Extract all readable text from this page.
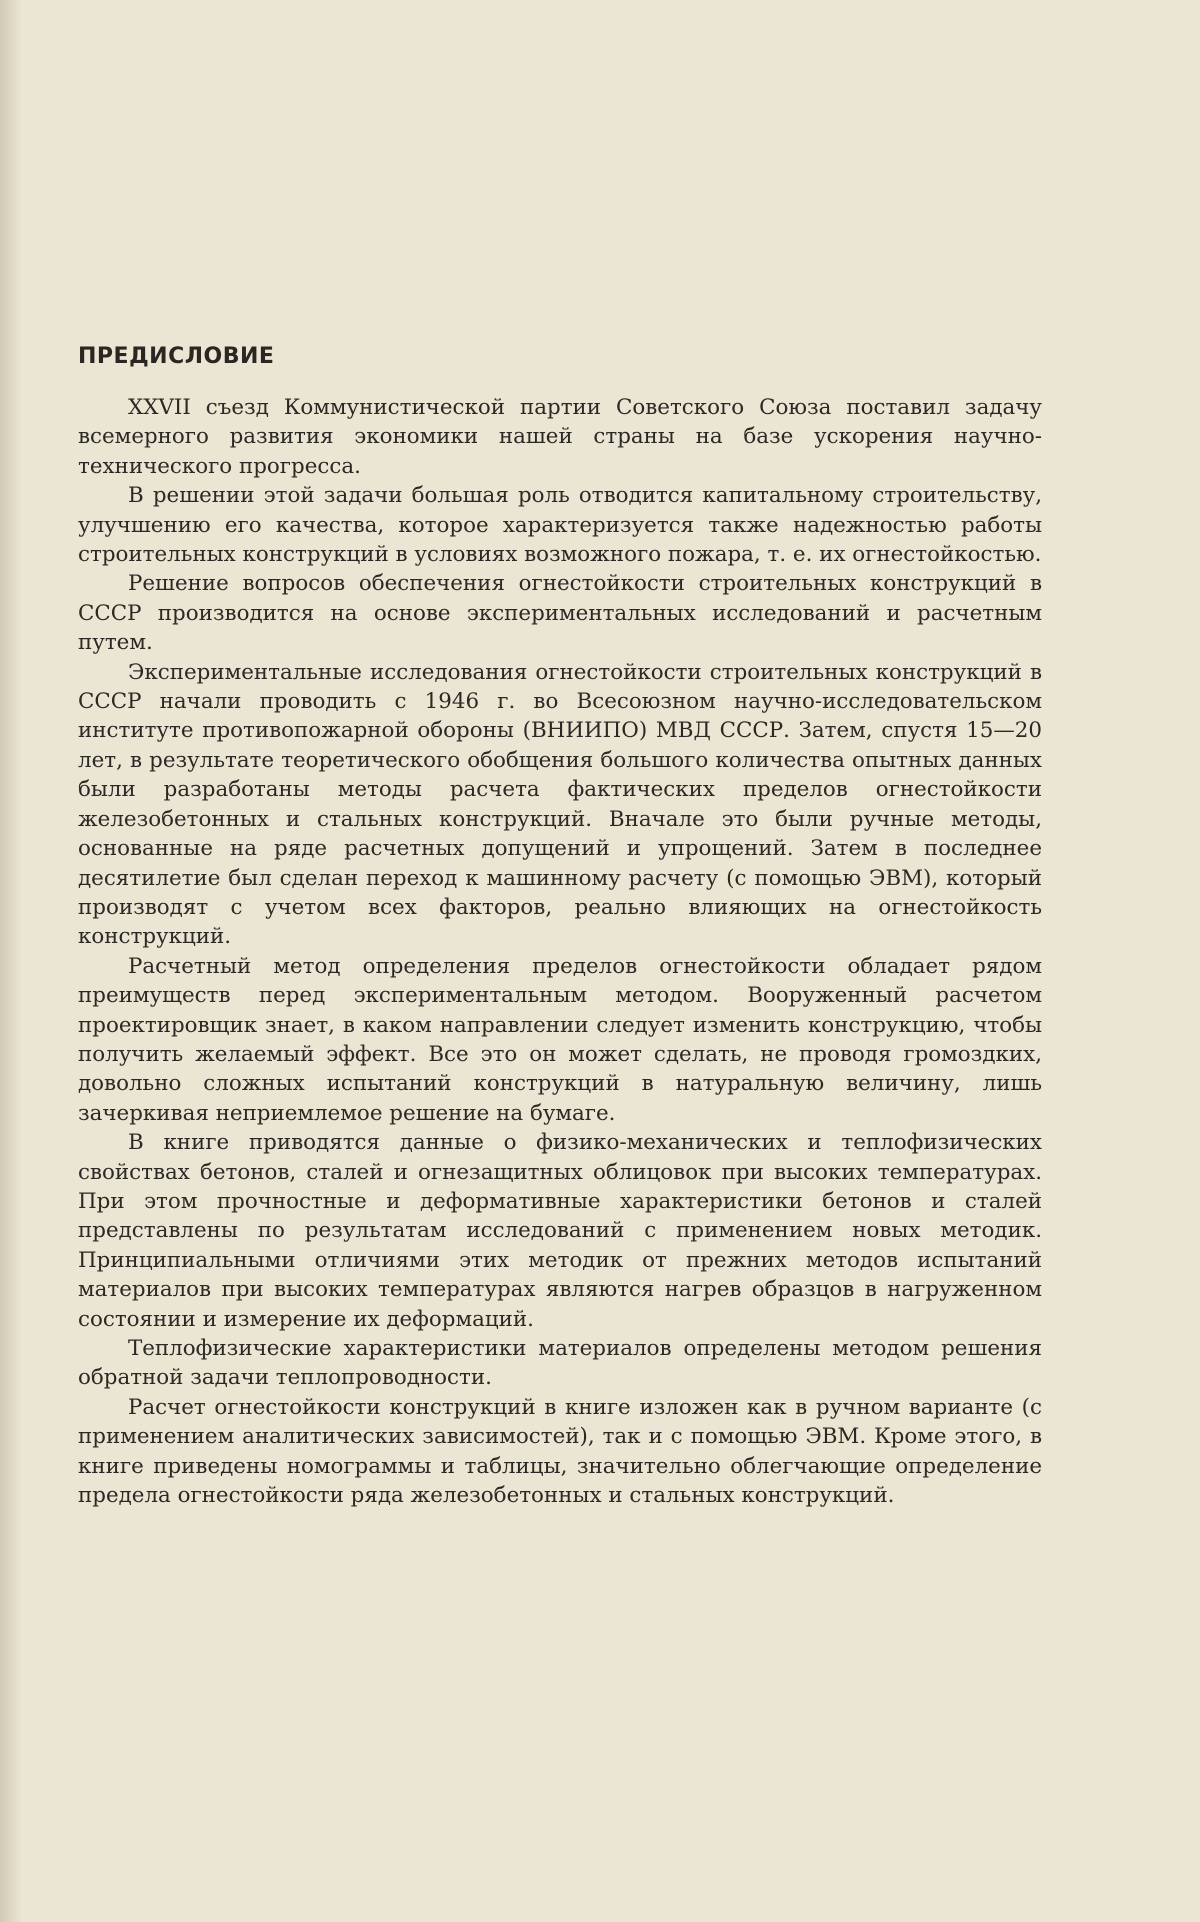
ПРЕДИСЛОВИЕ

XXVII съезд Коммунистической партии Советского Союза поставил задачу всемерного развития экономики нашей страны на базе ускорения научно-технического прогресса.

В решении этой задачи большая роль отводится капитальному строительству, улучшению его качества, которое характеризуется также надежностью работы строительных конструкций в условиях возможного пожара, т. е. их огнестойкостью.

Решение вопросов обеспечения огнестойкости строительных конструкций в СССР производится на основе экспериментальных исследований и расчетным путем.

Экспериментальные исследования огнестойкости строительных конструкций в СССР начали проводить с 1946 г. во Всесоюзном научно-исследовательском институте противопожарной обороны (ВНИИПО) МВД СССР. Затем, спустя 15—20 лет, в результате теоретического обобщения большого количества опытных данных были разработаны методы расчета фактических пределов огнестойкости железобетонных и стальных конструкций. Вначале это были ручные методы, основанные на ряде расчетных допущений и упрощений. Затем в последнее десятилетие был сделан переход к машинному расчету (с помощью ЭВМ), который производят с учетом всех факторов, реально влияющих на огнестойкость конструкций.

Расчетный метод определения пределов огнестойкости обладает рядом преимуществ перед экспериментальным методом. Вооруженный расчетом проектировщик знает, в каком направлении следует изменить конструкцию, чтобы получить желаемый эффект. Все это он может сделать, не проводя громоздких, довольно сложных испытаний конструкций в натуральную величину, лишь зачеркивая неприемлемое решение на бумаге.

В книге приводятся данные о физико-механических и теплофизических свойствах бетонов, сталей и огнезащитных облицовок при высоких температурах. При этом прочностные и деформативные характеристики бетонов и сталей представлены по результатам исследований с применением новых методик. Принципиальными отличиями этих методик от прежних методов испытаний материалов при высоких температурах являются нагрев образцов в нагруженном состоянии и измерение их деформаций.

Теплофизические характеристики материалов определены методом решения обратной задачи теплопроводности.

Расчет огнестойкости конструкций в книге изложен как в ручном варианте (с применением аналитических зависимостей), так и с помощью ЭВМ. Кроме этого, в книге приведены номограммы и таблицы, значительно облегчающие определение предела огнестойкости ряда железобетонных и стальных конструкций.
